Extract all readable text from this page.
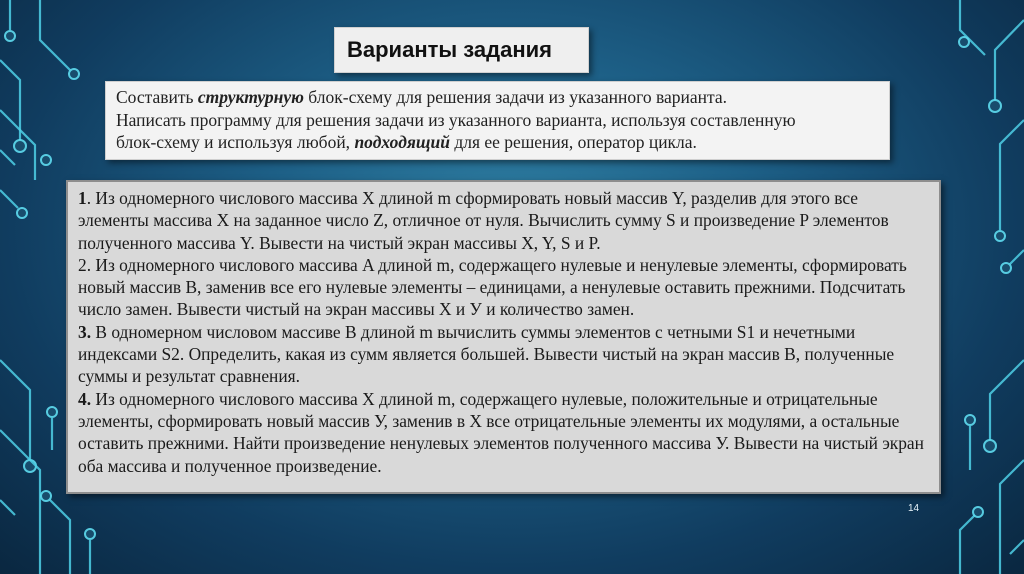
Варианты задания
Составить структурную блок-схему для решения задачи из указанного варианта.
Написать программу для решения задачи из указанного варианта, используя составленную
блок-схему и используя любой, подходящий для ее решения, оператор цикла.

1. Из одномерного числового массива X длиной m сформировать новый массив Y, разделив для этого все элементы массива X на заданное число Z, отличное от нуля. Вычислить сумму S и произведение P элементов полученного массива Y. Вывести на чистый экран массивы X, Y, S и P.

2. Из одномерного числового массива A длиной m, содержащего нулевые и ненулевые элементы, сформировать новый массив B, заменив все его нулевые элементы – единицами, а ненулевые оставить прежними. Подсчитать число замен. Вывести чистый на экран массивы X и У и количество замен.

3. В одномерном числовом массиве B длиной m вычислить суммы элементов с четными S1 и нечетными индексами S2. Определить, какая из сумм является большей. Вывести чистый на экран массив B, полученные суммы и результат сравнения.

4. Из одномерного числового массива X длиной m, содержащего нулевые, положительные и отрицательные элементы, сформировать новый массив У, заменив в X все отрицательные элементы их модулями, а остальные оставить прежними. Найти произведение ненулевых элементов полученного массива У. Вывести на чистый экран оба массива и полученное произведение.

14
